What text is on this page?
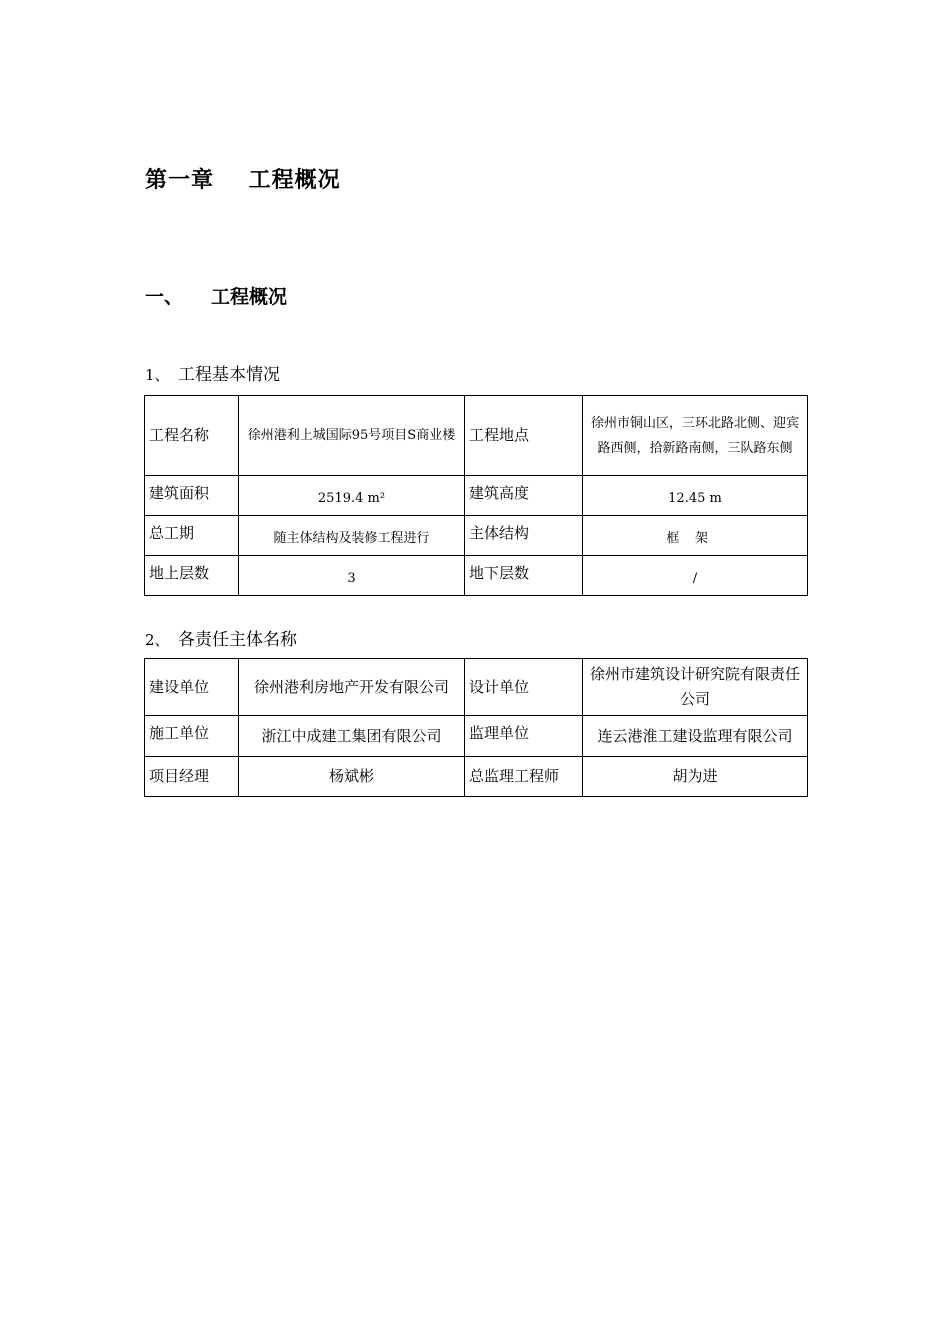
第一章    工程概况
一、 工程概况
1、 工程基本情况
工程名称	徐州港利上城国际95号项目S商业楼	工程地点	徐州市铜山区，三环北路北侧、迎宾路西侧，拾新路南侧，三队路东侧
建筑面积	2519.4 m²	建筑高度	12.45 m
总工期	随主体结构及装修工程进行	主体结构	框架
地上层数	3	地下层数	/
2、 各责任主体名称
建设单位	徐州港利房地产开发有限公司	设计单位	徐州市建筑设计研究院有限责任公司
施工单位	浙江中成建工集团有限公司	监理单位	连云港淮工建设监理有限公司
项目经理	杨斌彬	总监理工程师	胡为进
